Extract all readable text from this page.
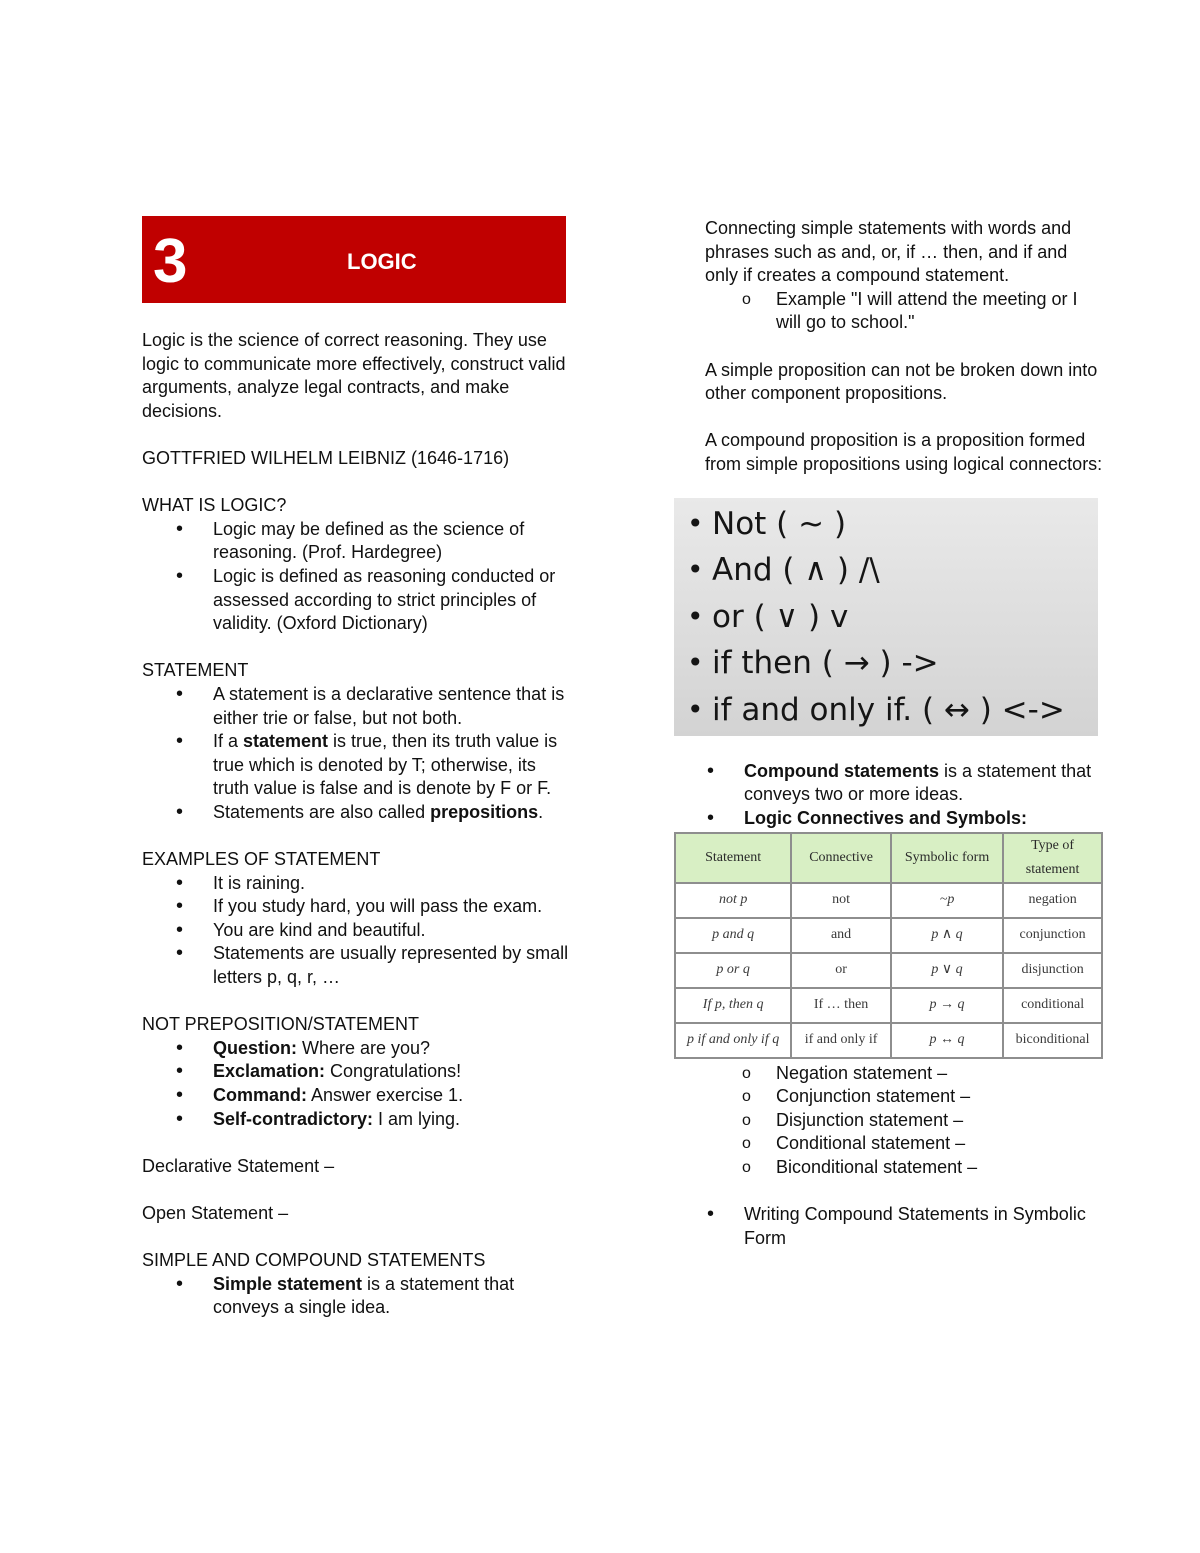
3	LOGIC

Logic is the science of correct reasoning. They use logic to communicate more effectively, construct valid arguments, analyze legal contracts, and make decisions.

GOTTFRIED WILHELM LEIBNIZ (1646-1716)

WHAT IS LOGIC?

• Logic may be defined as the science of reasoning. (Prof. Hardegree)
• Logic is defined as reasoning conducted or assessed according to strict principles of validity. (Oxford Dictionary)

STATEMENT

• A statement is a declarative sentence that is either trie or false, but not both.
• If a statement is true, then its truth value is true which is denoted by T; otherwise, its truth value is false and is denote by F or F.
• Statements are also called prepositions.

EXAMPLES OF STATEMENT

• It is raining.
• If you study hard, you will pass the exam.
• You are kind and beautiful.
• Statements are usually represented by small letters p, q, r, …

NOT PREPOSITION/STATEMENT

• Question: Where are you?
• Exclamation: Congratulations!
• Command: Answer exercise 1.
• Self-contradictory: I am lying.

Declarative Statement –

Open Statement –

SIMPLE AND COMPOUND STATEMENTS

• Simple statement is a statement that conveys a single idea.

Connecting simple statements with words and phrases such as and, or, if … then, and if and only if creates a compound statement.

o Example "I will attend the meeting or I will go to school."

A simple proposition can not be broken down into other component propositions.

A compound proposition is a proposition formed from simple propositions using logical connectors:

• Not ( ~ )
• And ( ∧ ) /\
• or ( ∨ ) v
• if then ( → ) ->
• if and only if. ( ↔ ) <->
• Compound statements is a statement that conveys two or more ideas.
• Logic Connectives and Symbols:
Statement	Connective	Symbolic form	Type of statement
not p	not	~p	negation
p and q	and	p ∧ q	conjunction
p or q	or	p ∨ q	disjunction
If p, then q	If … then	p → q	conditional
p if and only if q	if and only if	p ↔ q	biconditional
o Negation statement –
o Conjunction statement –
o Disjunction statement –
o Conditional statement –
o Biconditional statement –
• Writing Compound Statements in Symbolic Form
